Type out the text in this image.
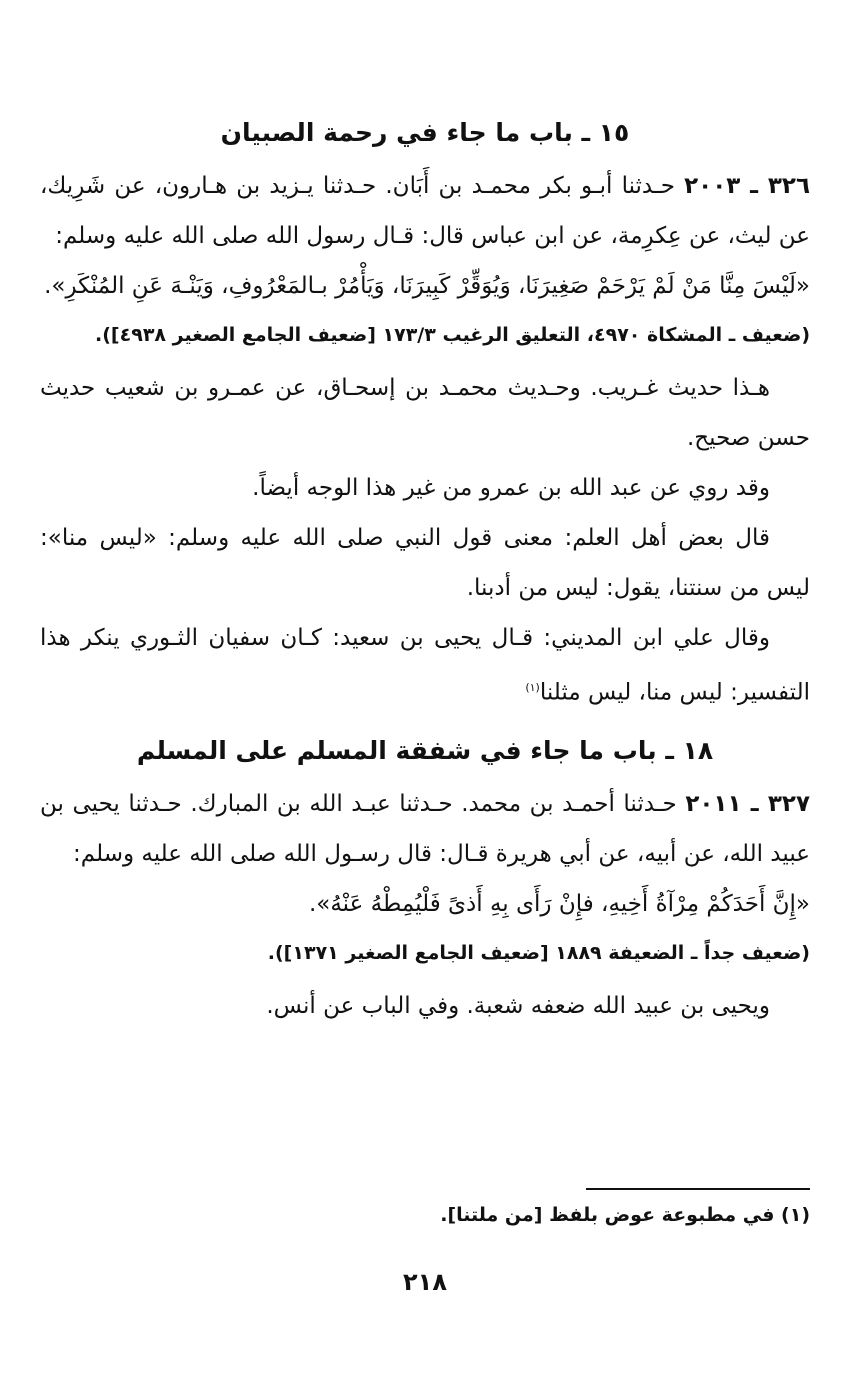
١٥ ـ باب ما جاء في رحمة الصبيان

٣٢٦ ـ ٢٠٠٣ حـدثنا أبـو بكر محمـد بن أَبَان. حـدثنا يـزيد بن هـارون، عن شَرِيك، عن ليث، عن عِكرِمة، عن ابن عباس قال: قـال رسول الله صلى الله عليه وسلم:

«لَيْسَ مِنَّا مَنْ لَمْ يَرْحَمْ صَغِيرَنَا، وَيُوَقِّرْ كَبِيرَنَا، وَيَأْمُرْ بـالمَعْرُوفِ، وَيَنْـهَ عَنِ المُنْكَرِ».

(ضعيف ـ المشكاة ٤٩٧٠، التعليق الرغيب ١٧٣/٣ [ضعيف الجامع الصغير ٤٩٣٨]).

هـذا حديث غـريب. وحـديث محمـد بن إسحـاق، عن عمـرو بن شعيب حديث حسن صحيح.

وقد روي عن عبد الله بن عمرو من غير هذا الوجه أيضاً.

قال بعض أهل العلم: معنى قول النبي صلى الله عليه وسلم: «ليس منا»: ليس من سنتنا، يقول: ليس من أدبنا.

وقال علي ابن المديني: قـال يحيى بن سعيد: كـان سفيان الثـوري ينكر هذا التفسير: ليس منا، ليس مثلنا$^{(١)}$

١٨ ـ باب ما جاء في شفقة المسلم على المسلم

٣٢٧ ـ ٢٠١١ حـدثنا أحمـد بن محمد. حـدثنا عبـد الله بن المبارك. حـدثنا يحيى بن عبيد الله، عن أبيه، عن أبي هريرة قـال: قال رسـول الله صلى الله عليه وسلم:

«إِنَّ أَحَدَكُمْ مِرْآةُ أَخِيهِ، فإِنْ رَأَى بِهِ أَذىً فَلْيُمِطْهُ عَنْهُ».

(ضعيف جداً ـ الضعيفة ١٨٨٩ [ضعيف الجامع الصغير ١٣٧١]).

ويحيى بن عبيد الله ضعفه شعبة. وفي الباب عن أنس.

(١) في مطبوعة عوض بلفظ [من ملتنا].
٢١٨
